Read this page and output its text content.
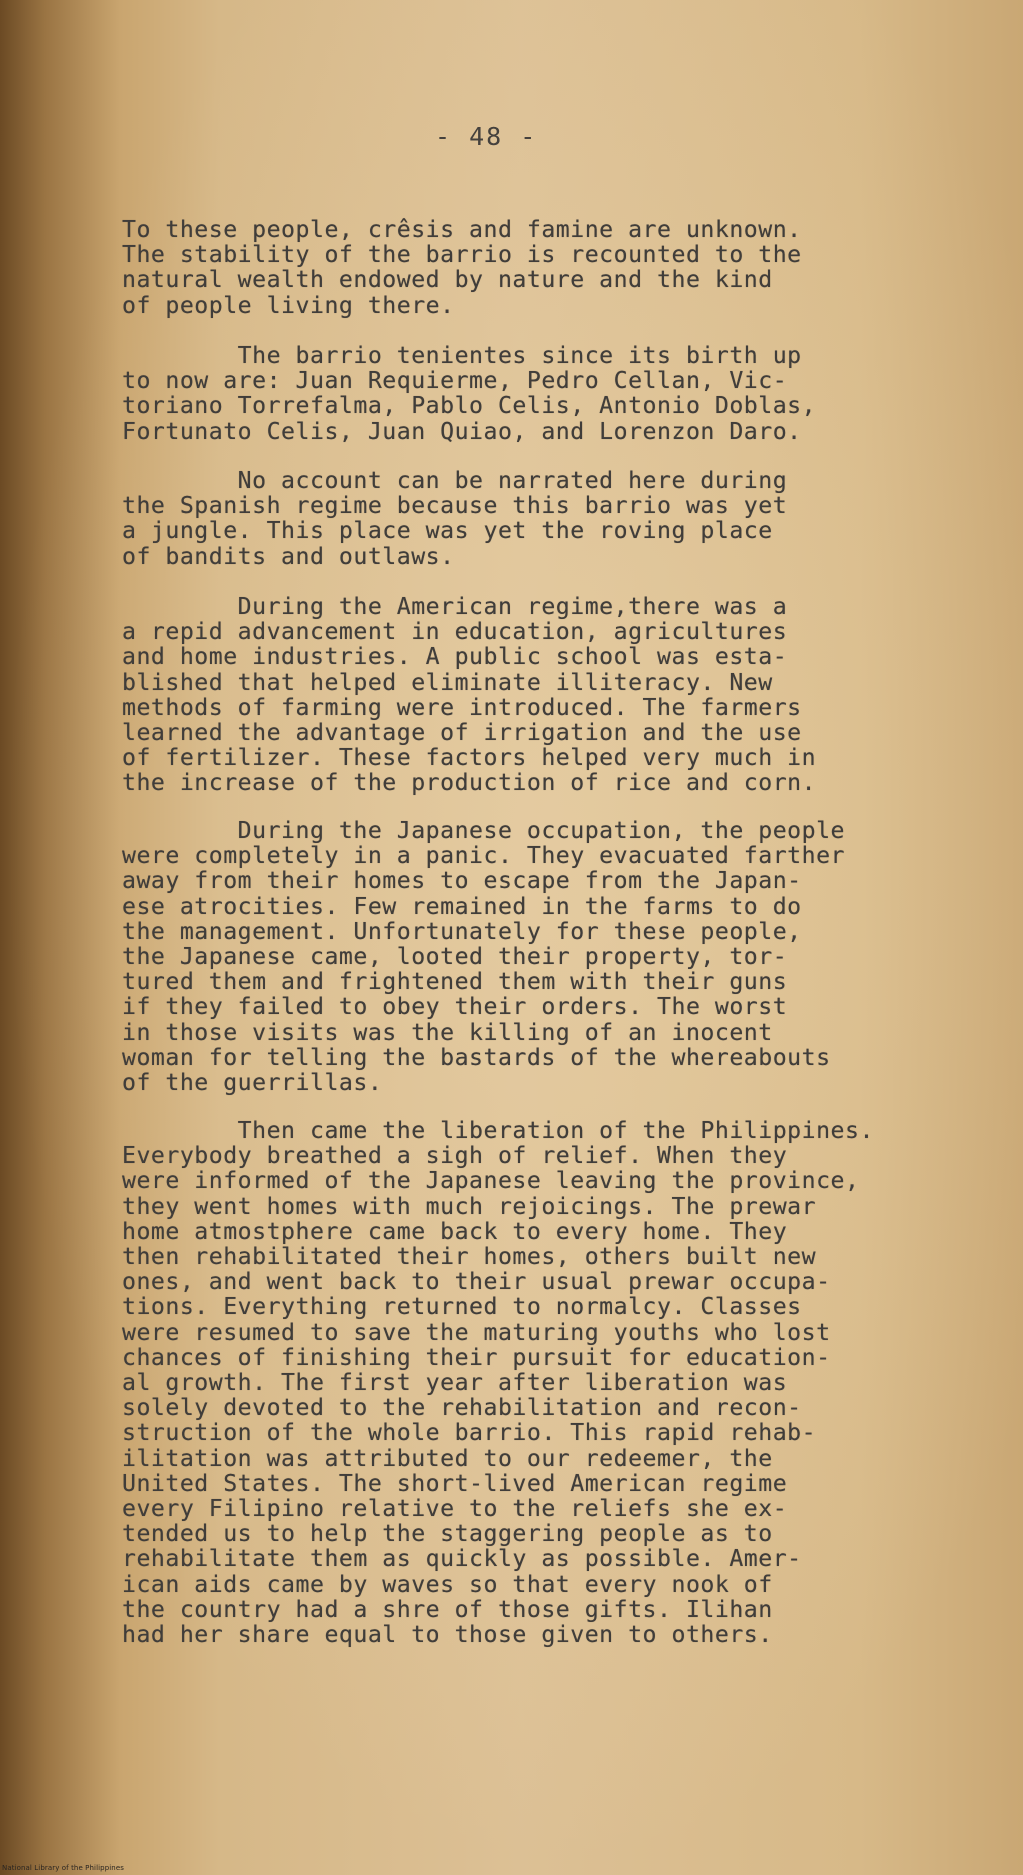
- 48 -

To these people, crêsis and famine are unknown.
The stability of the barrio is recounted to the
natural wealth endowed by nature and the kind
of people living there.

The barrio tenientes since its birth up
to now are: Juan Requierme, Pedro Cellan, Vic-
toriano Torrefalma, Pablo Celis, Antonio Doblas,
Fortunato Celis, Juan Quiao, and Lorenzon Daro.

No account can be narrated here during
the Spanish regime because this barrio was yet
a jungle. This place was yet the roving place
of bandits and outlaws.

During the American regime,there was a
a repid advancement in education, agricultures
and home industries. A public school was esta-
blished that helped eliminate illiteracy. New
methods of farming were introduced. The farmers
learned the advantage of irrigation and the use
of fertilizer. These factors helped very much in
the increase of the production of rice and corn.

During the Japanese occupation, the people
were completely in a panic. They evacuated farther
away from their homes to escape from the Japan-
ese atrocities. Few remained in the farms to do
the management. Unfortunately for these people,
the Japanese came, looted their property, tor-
tured them and frightened them with their guns
if they failed to obey their orders. The worst
in those visits was the killing of an inocent
woman for telling the bastards of the whereabouts
of the guerrillas.

Then came the liberation of the Philippines.
Everybody breathed a sigh of relief. When they
were informed of the Japanese leaving the province,
they went homes with much rejoicings. The prewar
home atmostphere came back to every home. They
then rehabilitated their homes, others built new
ones, and went back to their usual prewar occupa-
tions. Everything returned to normalcy. Classes
were resumed to save the maturing youths who lost
chances of finishing their pursuit for education-
al growth. The first year after liberation was
solely devoted to the rehabilitation and recon-
struction of the whole barrio. This rapid rehab-
ilitation was attributed to our redeemer, the
United States. The short-lived American regime
every Filipino relative to the reliefs she ex-
tended us to help the staggering people as to
rehabilitate them as quickly as possible. Amer-
ican aids came by waves so that every nook of
the country had a shre of those gifts. Ilihan
had her share equal to those given to others.

National Library of the Philippines
